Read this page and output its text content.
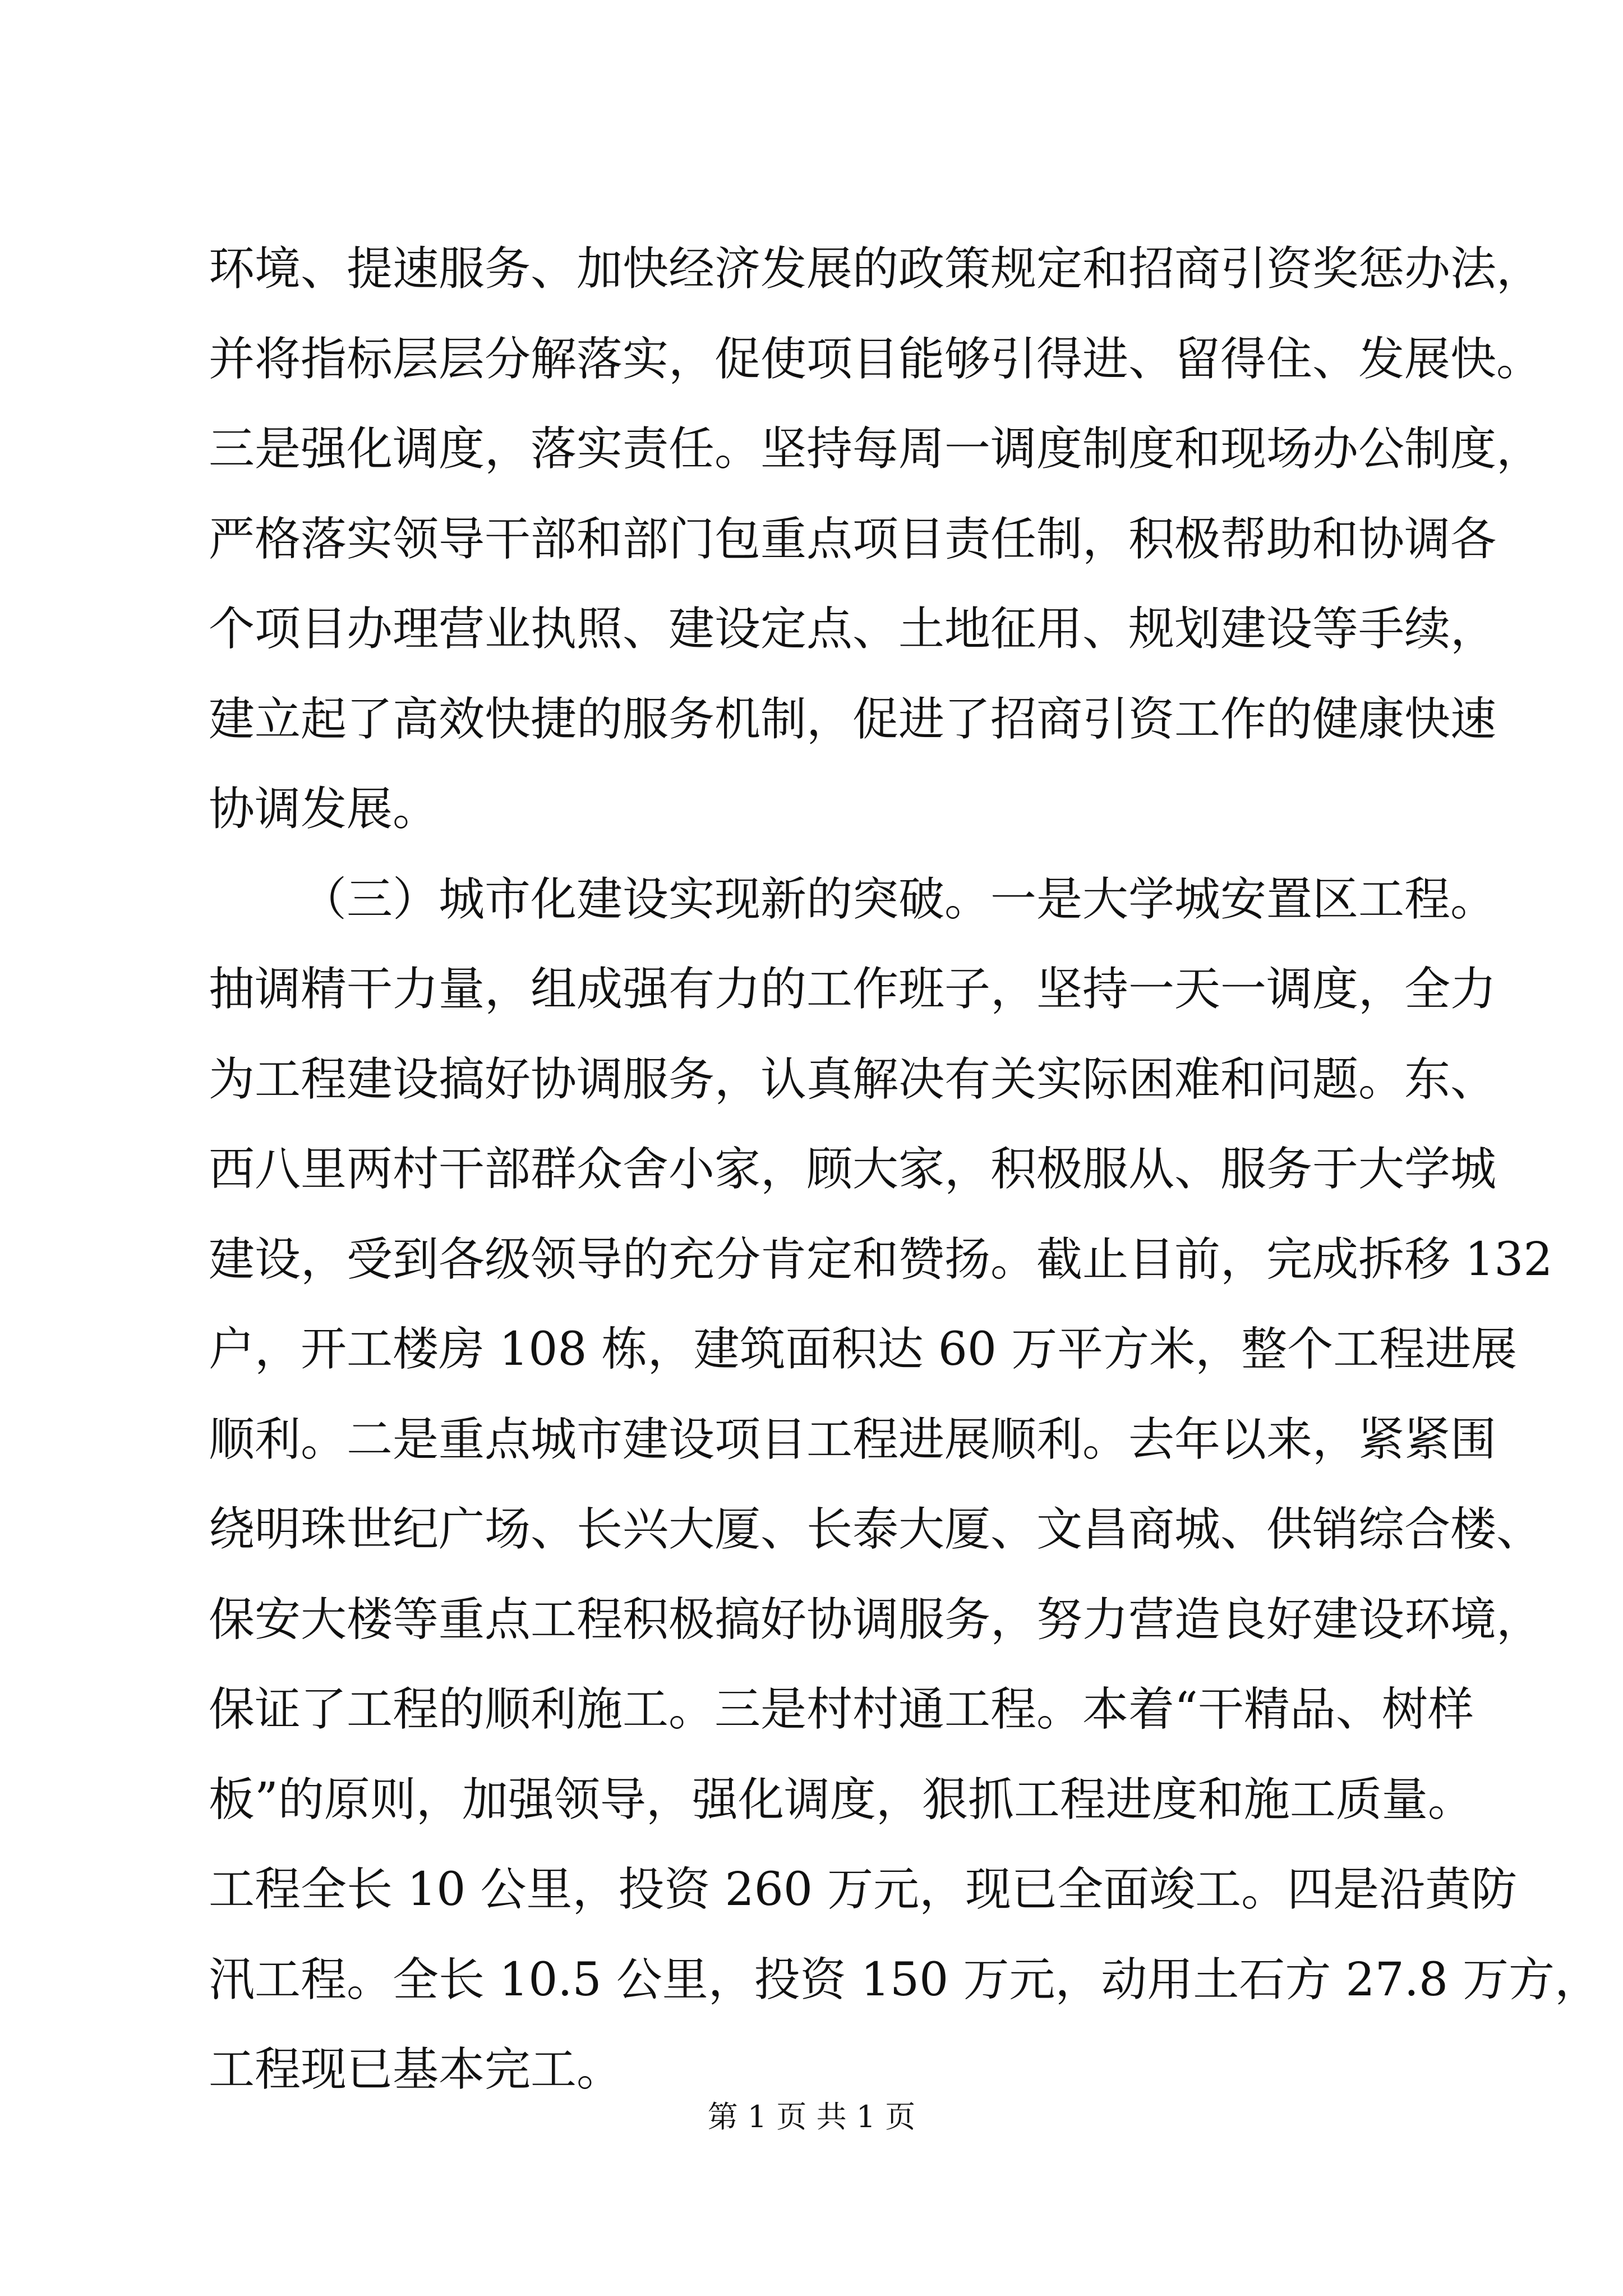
环境、提速服务、加快经济发展的政策规定和招商引资奖惩办法，
并将指标层层分解落实，促使项目能够引得进、留得住、发展快。
三是强化调度，落实责任。坚持每周一调度制度和现场办公制度，
严格落实领导干部和部门包重点项目责任制，积极帮助和协调各
个项目办理营业执照、建设定点、土地征用、规划建设等手续，
建立起了高效快捷的服务机制，促进了招商引资工作的健康快速
协调发展。
（三）城市化建设实现新的突破。一是大学城安置区工程。
抽调精干力量，组成强有力的工作班子，坚持一天一调度，全力
为工程建设搞好协调服务，认真解决有关实际困难和问题。东、
西八里两村干部群众舍小家，顾大家，积极服从、服务于大学城
建设，受到各级领导的充分肯定和赞扬。截止目前，完成拆移 132
户，开工楼房 108 栋，建筑面积达 60 万平方米，整个工程进展
顺利。二是重点城市建设项目工程进展顺利。去年以来，紧紧围
绕明珠世纪广场、长兴大厦、长泰大厦、文昌商城、供销综合楼、
保安大楼等重点工程积极搞好协调服务，努力营造良好建设环境，
保证了工程的顺利施工。三是村村通工程。本着“干精品、树样
板”的原则，加强领导，强化调度，狠抓工程进度和施工质量。
工程全长 10 公里，投资 260 万元，现已全面竣工。四是沿黄防
汛工程。全长 10.5 公里，投资 150 万元，动用土石方 27.8 万方，
工程现已基本完工。
第 1 页 共 1 页
